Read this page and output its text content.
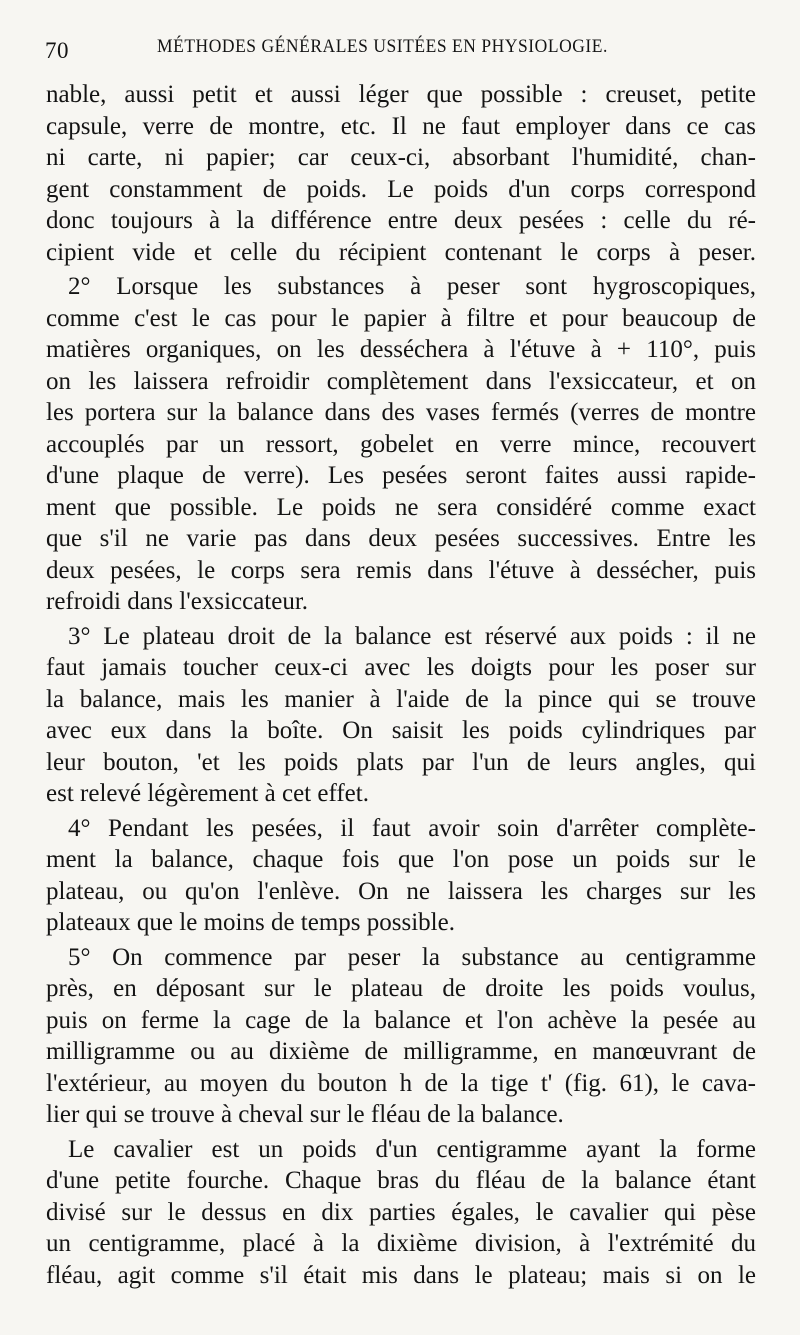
70	MÉTHODES GÉNÉRALES USITÉES EN PHYSIOLOGIE.
nable, aussi petit et aussi léger que possible : creuset, petite
capsule, verre de montre, etc. Il ne faut employer dans ce cas
ni carte, ni papier; car ceux-ci, absorbant l'humidité, chan-
gent constamment de poids. Le poids d'un corps correspond
donc toujours à la différence entre deux pesées : celle du ré-
cipient vide et celle du récipient contenant le corps à peser.
2° Lorsque les substances à peser sont hygroscopiques,
comme c'est le cas pour le papier à filtre et pour beaucoup de
matières organiques, on les desséchera à l'étuve à + 110°, puis
on les laissera refroidir complètement dans l'exsiccateur, et on
les portera sur la balance dans des vases fermés (verres de montre
accouplés par un ressort, gobelet en verre mince, recouvert
d'une plaque de verre). Les pesées seront faites aussi rapide-
ment que possible. Le poids ne sera considéré comme exact
que s'il ne varie pas dans deux pesées successives. Entre les
deux pesées, le corps sera remis dans l'étuve à dessécher, puis
refroidi dans l'exsiccateur.
3° Le plateau droit de la balance est réservé aux poids : il ne
faut jamais toucher ceux-ci avec les doigts pour les poser sur
la balance, mais les manier à l'aide de la pince qui se trouve
avec eux dans la boîte. On saisit les poids cylindriques par
leur bouton, 'et les poids plats par l'un de leurs angles, qui
est relevé légèrement à cet effet.
4° Pendant les pesées, il faut avoir soin d'arrêter complète-
ment la balance, chaque fois que l'on pose un poids sur le
plateau, ou qu'on l'enlève. On ne laissera les charges sur les
plateaux que le moins de temps possible.
5° On commence par peser la substance au centigramme
près, en déposant sur le plateau de droite les poids voulus,
puis on ferme la cage de la balance et l'on achève la pesée au
milligramme ou au dixième de milligramme, en manœuvrant de
l'extérieur, au moyen du bouton h de la tige t' (fig. 61), le cava-
lier qui se trouve à cheval sur le fléau de la balance.
Le cavalier est un poids d'un centigramme ayant la forme
d'une petite fourche. Chaque bras du fléau de la balance étant
divisé sur le dessus en dix parties égales, le cavalier qui pèse
un centigramme, placé à la dixième division, à l'extrémité du
fléau, agit comme s'il était mis dans le plateau; mais si on le
